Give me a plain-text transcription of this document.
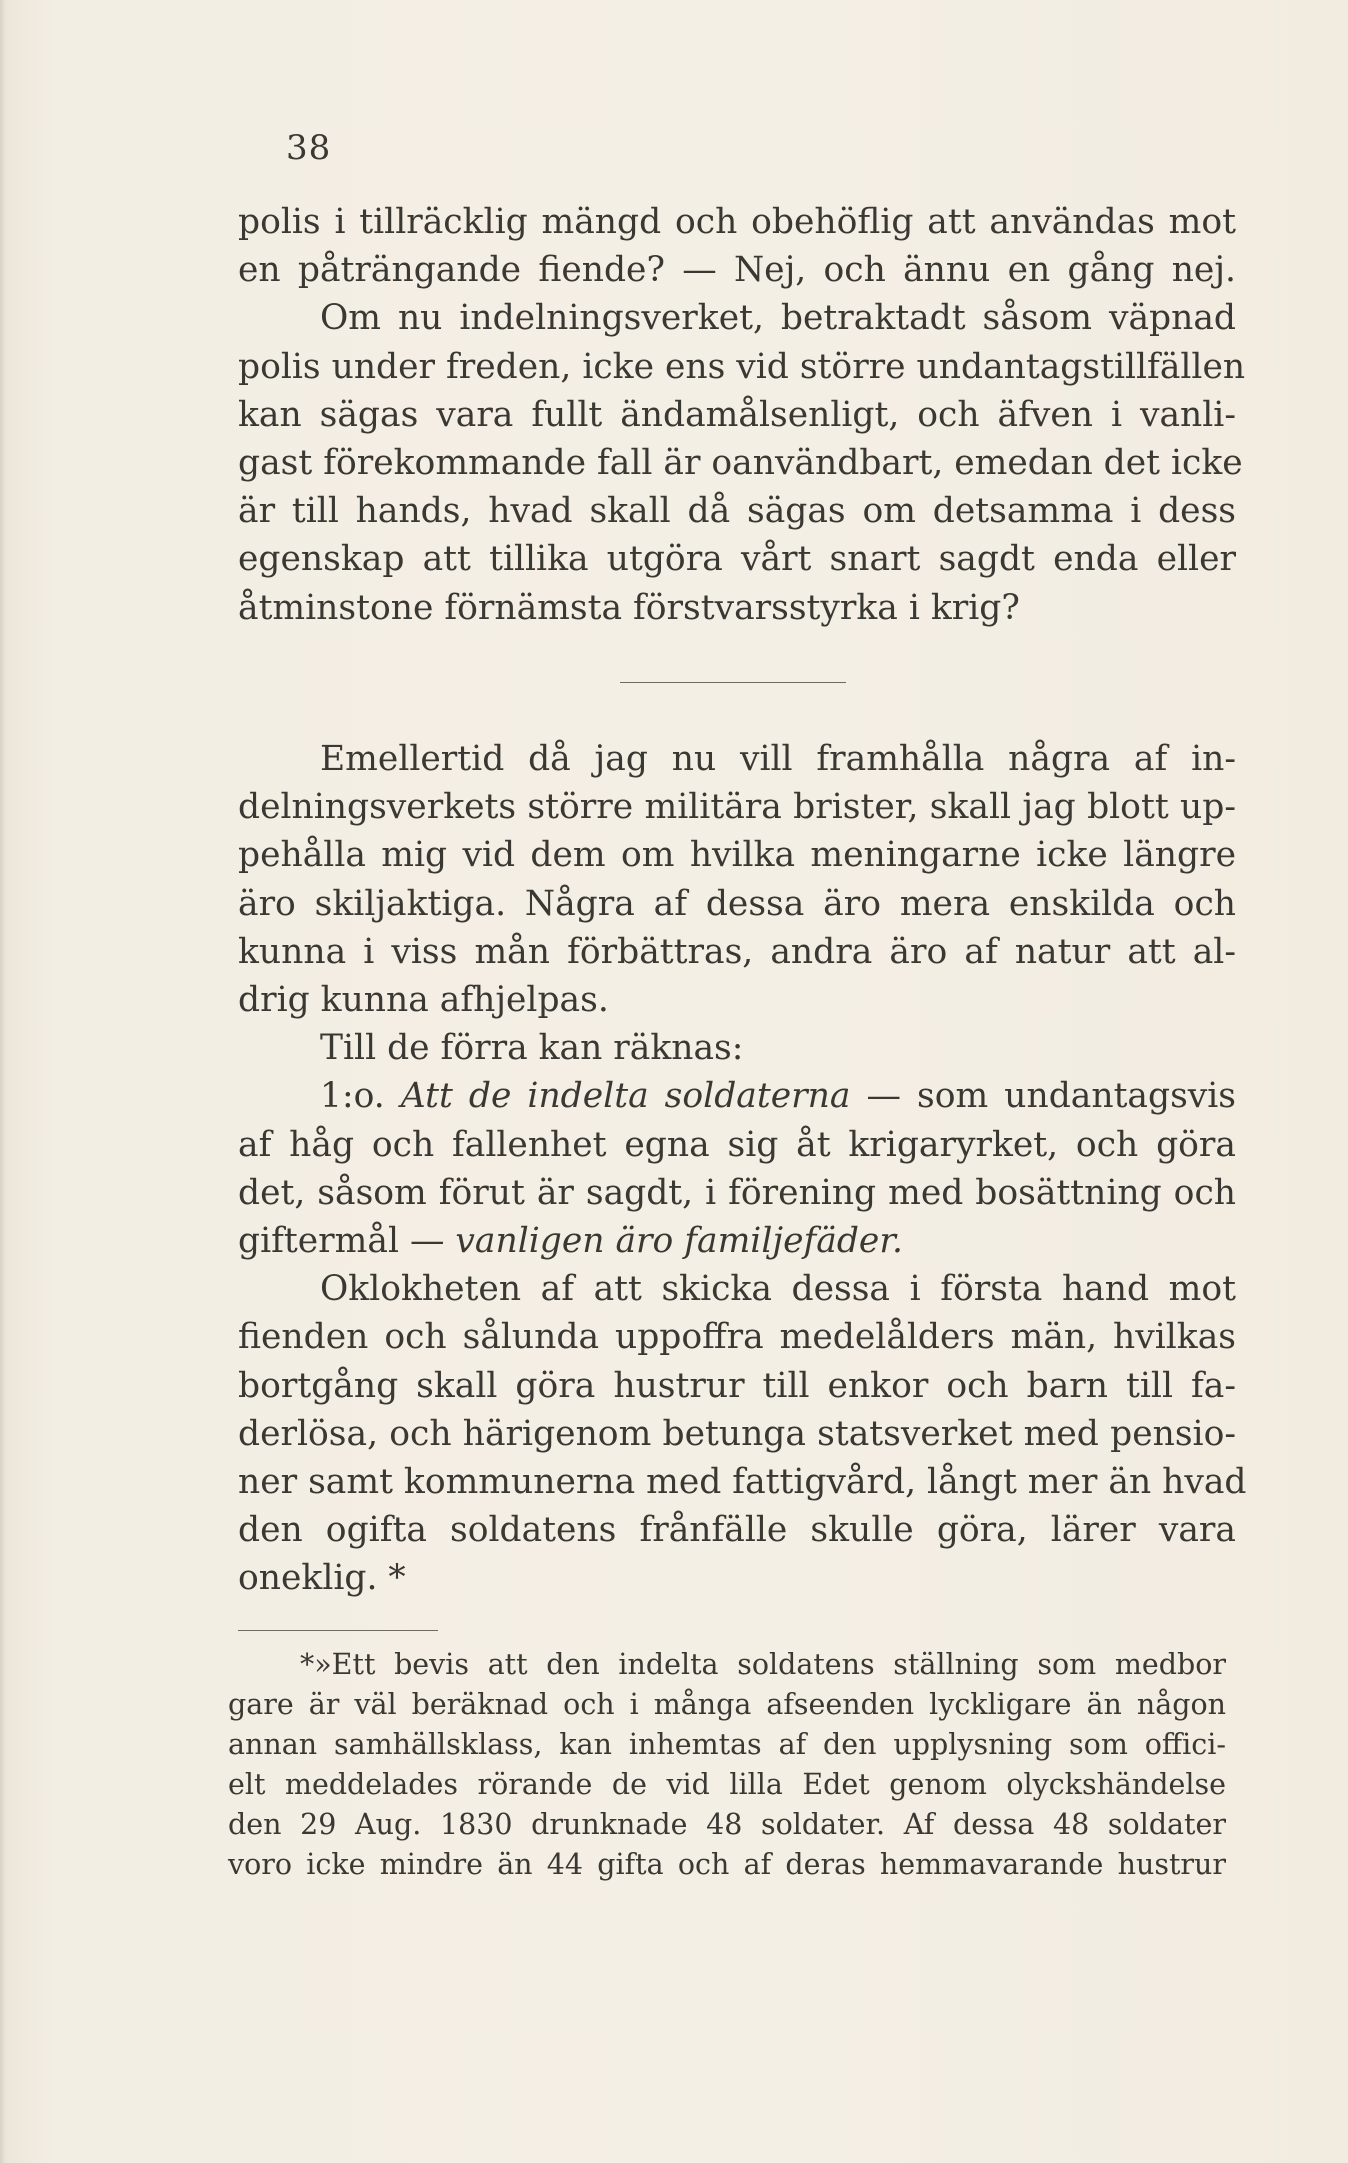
38
polis i tillräcklig mängd och obehöflig att användas mot
en påträngande fiende? — Nej, och ännu en gång nej.
Om nu indelningsverket, betraktadt såsom väpnad
polis under freden, icke ens vid större undantagstillfällen
kan sägas vara fullt ändamålsenligt, och äfven i vanli-
gast förekommande fall är oanvändbart, emedan det icke
är till hands, hvad skall då sägas om detsamma i dess
egenskap att tillika utgöra vårt snart sagdt enda eller
åtminstone förnämsta förstvarsstyrka i krig?
Emellertid då jag nu vill framhålla några af in-
delningsverkets större militära brister, skall jag blott up-
pehålla mig vid dem om hvilka meningarne icke längre
äro skiljaktiga. Några af dessa äro mera enskilda och
kunna i viss mån förbättras, andra äro af natur att al-
drig kunna afhjelpas.
Till de förra kan räknas:
1:o. Att de indelta soldaterna — som undantagsvis
af håg och fallenhet egna sig åt krigaryrket, och göra
det, såsom förut är sagdt, i förening med bosättning och
giftermål — vanligen äro familjefäder.
Oklokheten af att skicka dessa i första hand mot
fienden och sålunda uppoffra medelålders män, hvilkas
bortgång skall göra hustrur till enkor och barn till fa-
derlösa, och härigenom betunga statsverket med pensio-
ner samt kommunerna med fattigvård, långt mer än hvad
den ogifta soldatens frånfälle skulle göra, lärer vara
oneklig. *
*»Ett bevis att den indelta soldatens ställning som medbor
gare är väl beräknad och i många afseenden lyckligare än någon
annan samhällsklass, kan inhemtas af den upplysning som offici-
elt meddelades rörande de vid lilla Edet genom olyckshändelse
den 29 Aug. 1830 drunknade 48 soldater. Af dessa 48 soldater
voro icke mindre än 44 gifta och af deras hemmavarande hustrur
